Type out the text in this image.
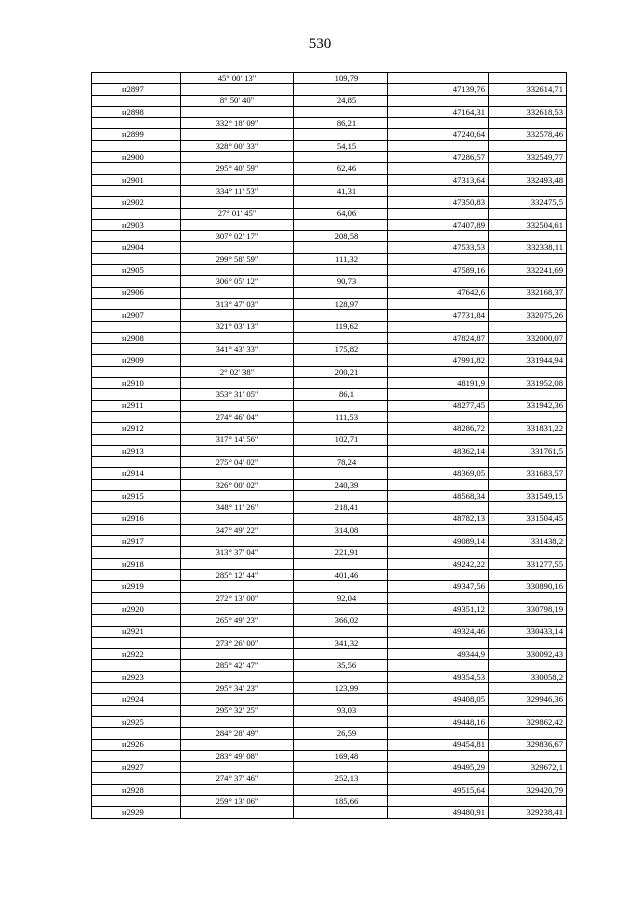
530
	45° 00' 13"	109,79		
н2897			47139,76	332614,71
	8° 50' 40"	24,85		
н2898			47164,31	332618,53
	332° 18' 09"	86,21		
н2899			47240,64	332578,46
	328° 00' 33"	54,15		
н2900			47286,57	332549,77
	295° 40' 59"	62,46		
н2901			47313,64	332493,48
	334° 11' 53"	41,31		
н2902			47350,83	332475,5
	27° 01' 45"	64,06		
н2903			47407,89	332504,61
	307° 02' 17"	208,58		
н2904			47533,53	332338,11
	299° 58' 59"	111,32		
н2905			47589,16	332241,69
	306° 05' 12"	90,73		
н2906			47642,6	332168,37
	313° 47' 03"	128,97		
н2907			47731,84	332075,26
	321° 03' 13"	119,62		
н2908			47824,87	332000,07
	341° 43' 33"	175,82		
н2909			47991,82	331944,94
	2° 02' 38"	200,21		
н2910			48191,9	331952,08
	353° 31' 05"	86,1		
н2911			48277,45	331942,36
	274° 46' 04"	111,53		
н2912			48286,72	331831,22
	317° 14' 56"	102,71		
н2913			48362,14	331761,5
	275° 04' 02"	78,24		
н2914			48369,05	331683,57
	326° 00' 02"	240,39		
н2915			48568,34	331549,15
	348° 11' 26"	218,41		
н2916			48782,13	331504,45
	347° 49' 22"	314,08		
н2917			49089,14	331438,2
	313° 37' 04"	221,91		
н2918			49242,22	331277,55
	285° 12' 44"	401,46		
н2919			49347,56	330890,16
	272° 13' 00"	92,04		
н2920			49351,12	330798,19
	265° 49' 23"	366,02		
н2921			49324,46	330433,14
	273° 26' 00"	341,32		
н2922			49344,9	330092,43
	285° 42' 47"	35,56		
н2923			49354,53	330058,2
	295° 34' 23"	123,99		
н2924			49408,05	329946,36
	295° 32' 25"	93,03		
н2925			49448,16	329862,42
	284° 28' 49"	26,59		
н2926			49454,81	329836,67
	283° 49' 08"	169,48		
н2927			49495,29	329672,1
	274° 37' 46"	252,13		
н2928			49515,64	329420,79
	259° 13' 06"	185,66		
н2929			49480,91	329238,41
